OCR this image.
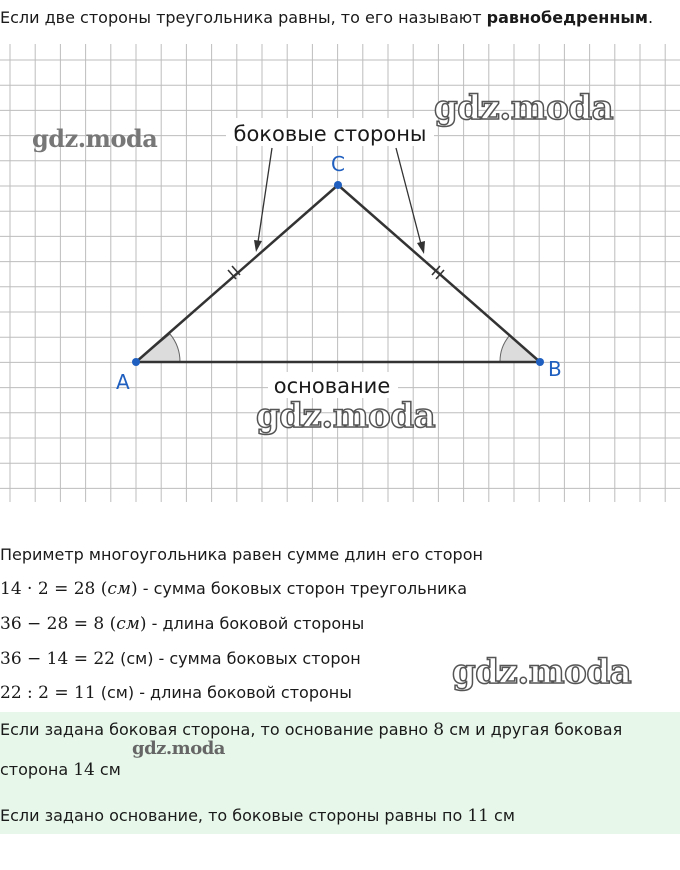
Если две стороны треугольника равны, то его называют равнобедренным.
боковые стороны
основание
A
B
C
gdz.moda
gdz.moda
gdz.moda
Периметр многоугольника равен сумме длин его сторон
14 · 2 = 28 (см) - сумма боковых сторон треугольника
36 − 28 = 8 (см) - длина боковой стороны
36 − 14 = 22 (см) - сумма боковых сторон
22 : 2 = 11 (см) - длина боковой стороны
gdz.moda
Если задана боковая сторона, то основание равно 8 см и другая боковая
сторона 14 см
Если задано основание, то боковые стороны равны по 11 см
gdz.moda
